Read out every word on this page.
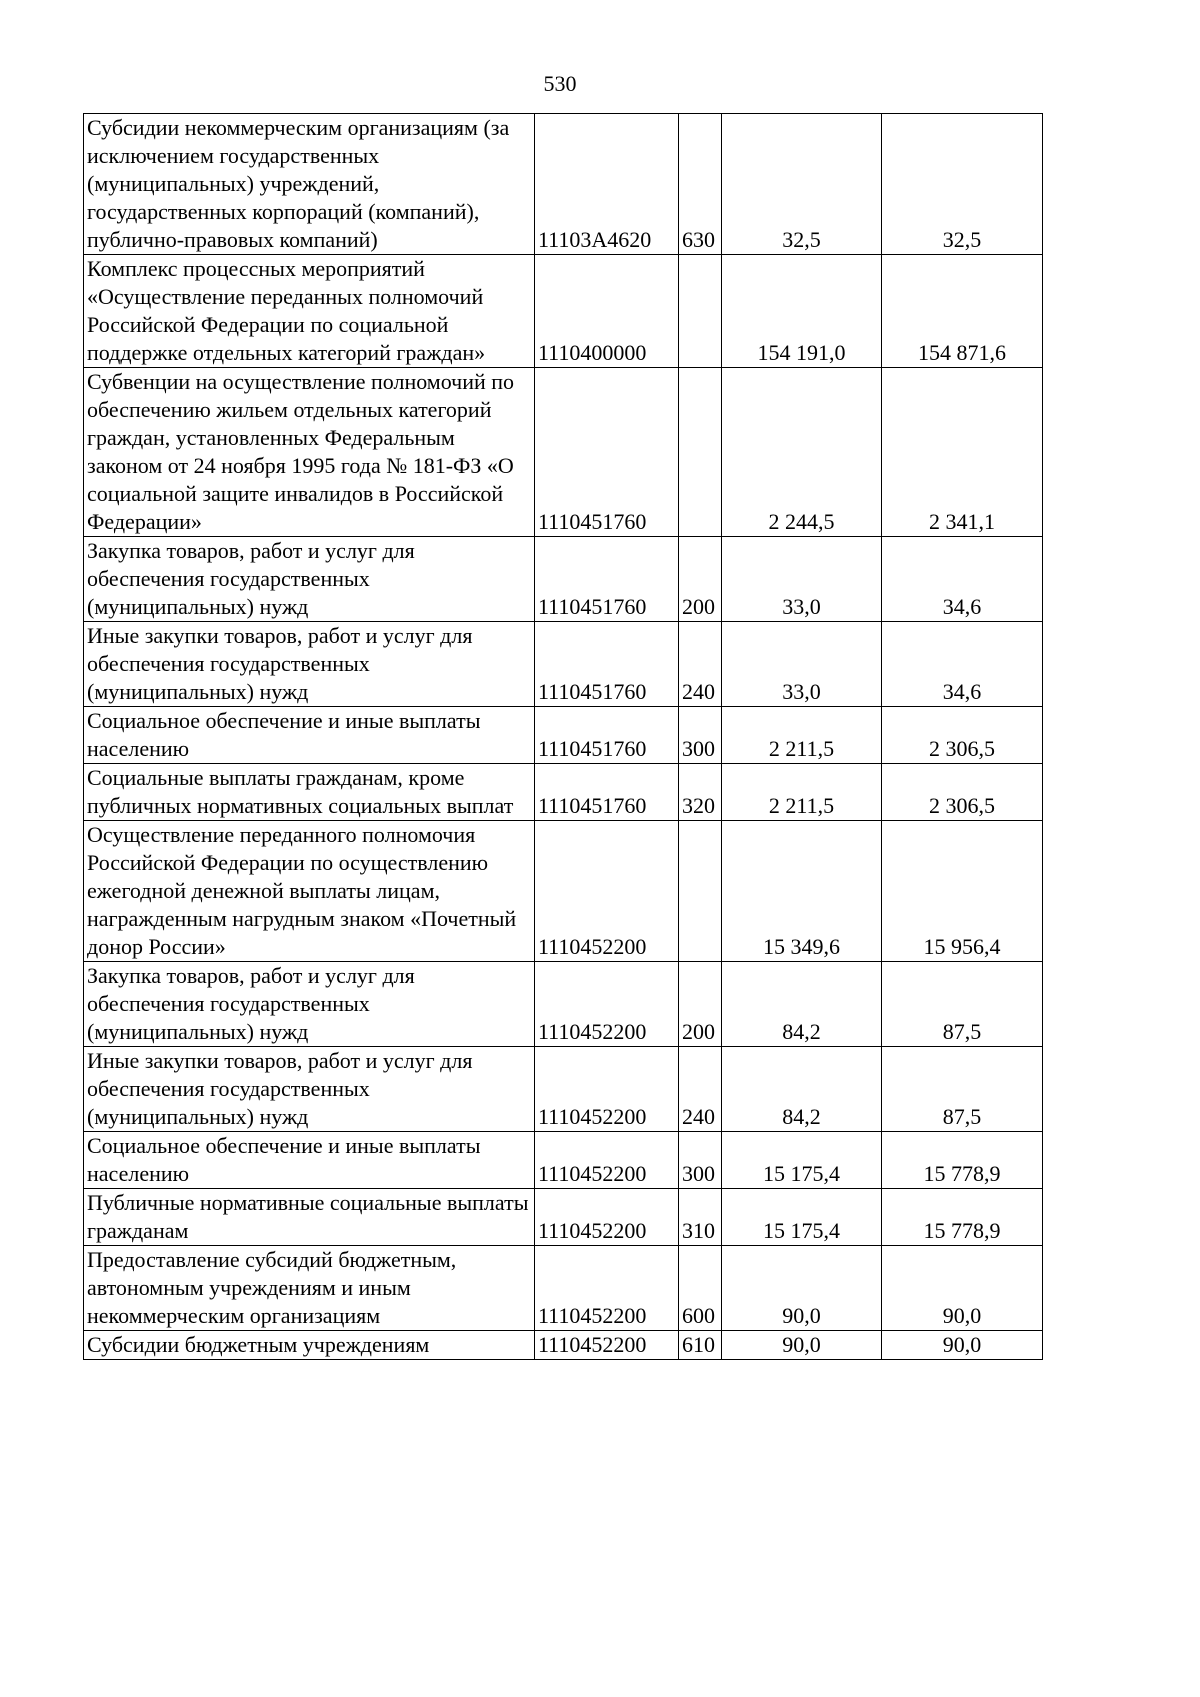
530
Субсидии некоммерческим организациям (за исключением государственных (муниципальных) учреждений, государственных корпораций (компаний), публично-правовых компаний)	11103А4620	630	32,5	32,5
Комплекс процессных мероприятий «Осуществление переданных полномочий Российской Федерации по социальной поддержке отдельных категорий граждан»	1110400000		154 191,0	154 871,6
Субвенции на осуществление полномочий по обеспечению жильем отдельных категорий граждан, установленных Федеральным законом от 24 ноября 1995 года № 181-ФЗ «О социальной защите инвалидов в Российской Федерации»	1110451760		2 244,5	2 341,1
Закупка товаров, работ и услуг для обеспечения государственных (муниципальных) нужд	1110451760	200	33,0	34,6
Иные закупки товаров, работ и услуг для обеспечения государственных (муниципальных) нужд	1110451760	240	33,0	34,6
Социальное обеспечение и иные выплаты населению	1110451760	300	2 211,5	2 306,5
Социальные выплаты гражданам, кроме публичных нормативных социальных выплат	1110451760	320	2 211,5	2 306,5
Осуществление переданного полномочия Российской Федерации по осуществлению ежегодной денежной выплаты лицам, награжденным нагрудным знаком «Почетный донор России»	1110452200		15 349,6	15 956,4
Закупка товаров, работ и услуг для обеспечения государственных (муниципальных) нужд	1110452200	200	84,2	87,5
Иные закупки товаров, работ и услуг для обеспечения государственных (муниципальных) нужд	1110452200	240	84,2	87,5
Социальное обеспечение и иные выплаты населению	1110452200	300	15 175,4	15 778,9
Публичные нормативные социальные выплаты гражданам	1110452200	310	15 175,4	15 778,9
Предоставление субсидий бюджетным, автономным учреждениям и иным некоммерческим организациям	1110452200	600	90,0	90,0
Субсидии бюджетным учреждениям	1110452200	610	90,0	90,0
